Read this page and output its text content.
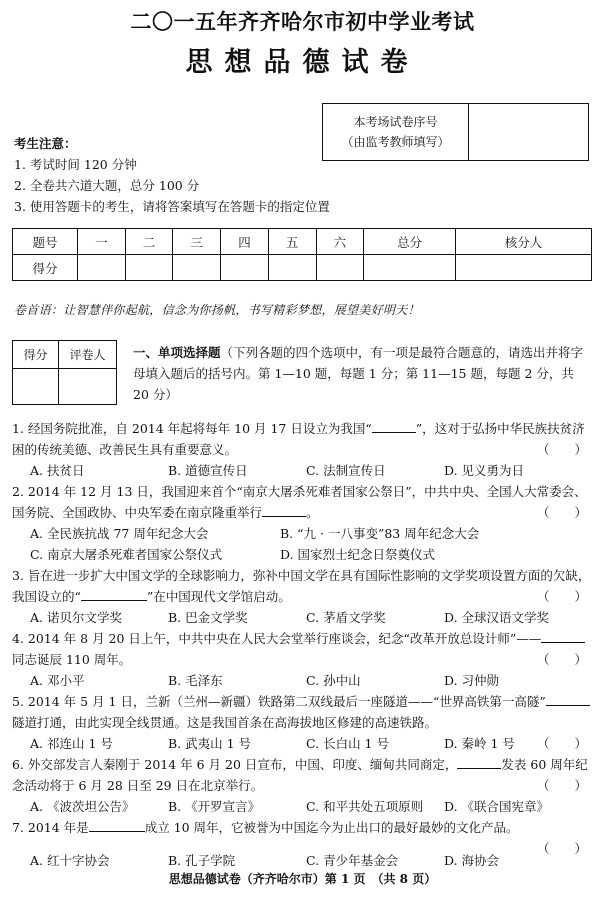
二〇一五年齐齐哈尔市初中学业考试
思想品德试卷
本考场试卷序号
（由监考教师填写）
考生注意：
1. 考试时间 120 分钟
2. 全卷共六道大题，总分 100 分
3. 使用答题卡的考生，请将答案填写在答题卡的指定位置
题号	一	二	三	四	五	六	总分	核分人
得分								
卷首语：让智慧伴你起航，信念为你扬帆，书写精彩梦想，展望美好明天！
得分	评卷人
	一、单项选择题（下列各题的四个选项中，有一项是最符合题意的，请选出并将字母填入题后的括号内。第 1—10 题，每题 1 分；第 11—15 题，每题 2 分，共 20 分）
1. 经国务院批准，自 2014 年起将每年 10 月 17 日设立为我国“	”，这对于弘扬中华民族扶贫济困的传统美德、改善民生具有重要意义。	（　　）
A. 扶贫日	B. 道德宣传日	C. 法制宣传日	D. 见义勇为日
2. 2014 年 12 月 13 日，我国迎来首个“南京大屠杀死难者国家公祭日”，中共中央、全国人大常委会、国务院、全国政协、中央军委在南京隆重举行	。	（　　）
A. 全民族抗战 77 周年纪念大会	B. “九 · 一八事变”83 周年纪念大会
C. 南京大屠杀死难者国家公祭仪式	D. 国家烈士纪念日祭奠仪式
3. 旨在进一步扩大中国文学的全球影响力，弥补中国文学在具有国际性影响的文学奖项设置方面的欠缺，我国设立的“	”在中国现代文学馆启动。	（　　）
A. 诺贝尔文学奖	B. 巴金文学奖	C. 茅盾文学奖	D. 全球汉语文学奖
4. 2014 年 8 月 20 日上午，中共中央在人民大会堂举行座谈会，纪念“改革开放总设计师”——同志诞辰 110 周年。	（　　）
A. 邓小平	B. 毛泽东	C. 孙中山	D. 习仲勋
5. 2014 年 5 月 1 日，兰新（兰州—新疆）铁路第二双线最后一座隧道——“世界高铁第一高隧”隧道打通，由此实现全线贯通。这是我国首条在高海拔地区修建的高速铁路。
（　　）
A. 祁连山 1 号	B. 武夷山 1 号	C. 长白山 1 号	D. 秦岭 1 号
6. 外交部发言人秦刚于 2014 年 6 月 20 日宣布，中国、印度、缅甸共同商定，	发表 60 周年纪念活动将于 6 月 28 日至 29 日在北京举行。	（　　）
A. 《波茨坦公告》	B. 《开罗宣言》	C. 和平共处五项原则	D. 《联合国宪章》
7. 2014 年是	成立 10 周年，它被誉为中国迄今为止出口的最好最妙的文化产品。
（　　）
A. 红十字协会	B. 孔子学院	C. 青少年基金会	D. 海协会
思想品德试卷（齐齐哈尔市）第 1 页　（共 8 页）
